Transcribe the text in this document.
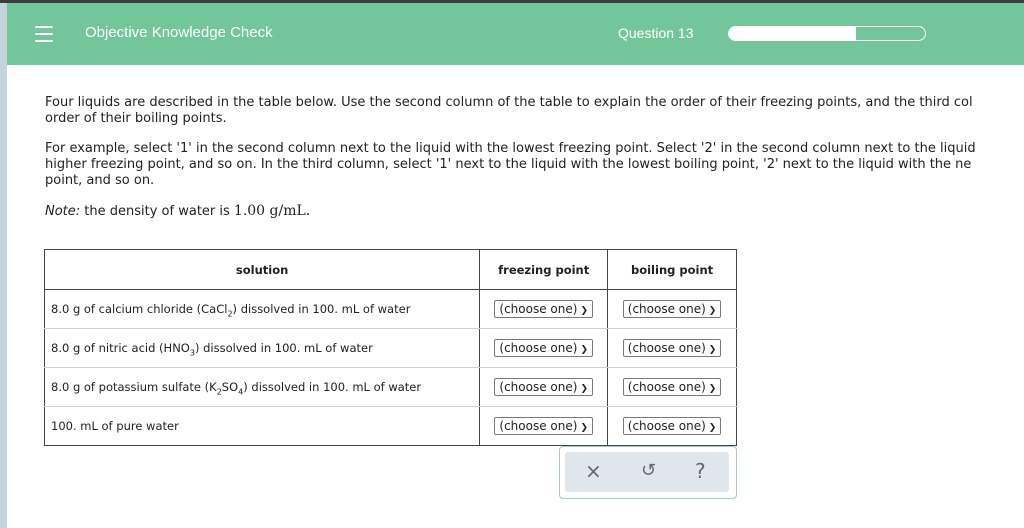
Objective Knowledge Check	Question 13

Four liquids are described in the table below. Use the second column of the table to explain the order of their freezing points, and the third col
order of their boiling points.

For example, select '1' in the second column next to the liquid with the lowest freezing point. Select '2' in the second column next to the liquid
higher freezing point, and so on. In the third column, select '1' next to the liquid with the lowest boiling point, '2' next to the liquid with the ne
point, and so on.

Note: the density of water is 1.00 g/mL.

solution	freezing point	boiling point
8.0 g of calcium chloride (CaCl$_2$) dissolved in 100. mL of water	(choose one) ❯	(choose one) ❯
8.0 g of nitric acid $(HNO_3)$ dissolved in 100. mL of water	(choose one) ❯	(choose one) ❯
8.0 g of potassium sulfate $(K_2SO_4)$ dissolved in 100. mL of water	(choose one) ❯	(choose one) ❯
100. mL of pure water	(choose one) ❯	(choose one) ❯
× ↺ ?
